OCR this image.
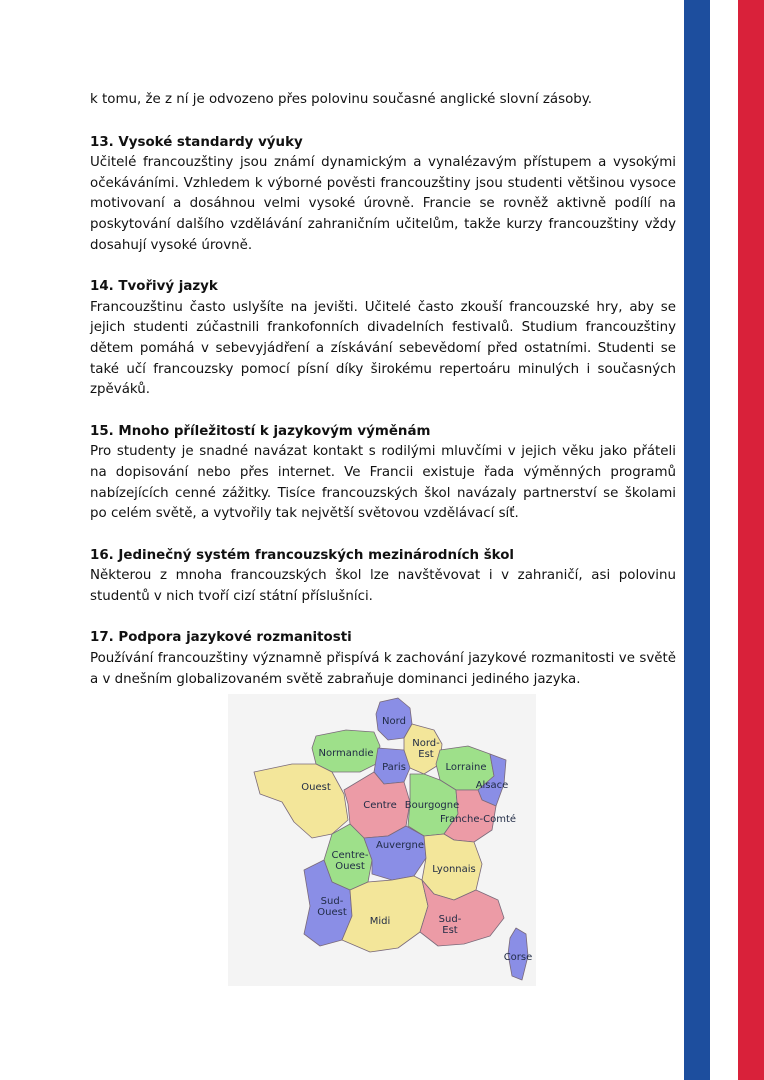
k tomu, že z ní je odvozeno přes polovinu současné anglické slovní zásoby.

13. Vysoké standardy výuky

Učitelé francouzštiny jsou známí dynamickým a vynalézavým přístupem a vysokými očekáváními. Vzhledem k výborné pověsti francouzštiny jsou studenti většinou vysoce motivovaní a dosáhnou velmi vysoké úrovně. Francie se rovněž aktivně podílí na poskytování dalšího vzdělávání zahraničním učitelům, takže kurzy francouzštiny vždy dosahují vysoké úrovně.

14. Tvořivý jazyk

Francouzštinu často uslyšíte na jevišti. Učitelé často zkouší francouzské hry, aby se jejich studenti zúčastnili frankofonních divadelních festivalů. Studium francouzštiny dětem pomáhá v sebevyjádření a získávání sebevědomí před ostatními. Studenti se také učí francouzsky pomocí písní díky širokému repertoáru minulých i současných zpěváků.

15. Mnoho příležitostí k jazykovým výměnám

Pro studenty je snadné navázat kontakt s rodilými mluvčími v jejich věku jako přáteli na dopisování nebo přes internet. Ve Francii existuje řada výměnných programů nabízejících cenné zážitky. Tisíce francouzských škol navázaly partnerství se školami po celém světě, a vytvořily tak největší světovou vzdělávací síť.

16. Jedinečný systém francouzských mezinárodních škol

Některou z mnoha francouzských škol lze navštěvovat i v zahraničí, asi polovinu studentů v nich tvoří cizí státní příslušníci.

17. Podpora jazykové rozmanitosti

Používání francouzštiny významně přispívá k zachování jazykové rozmanitosti ve světě a v dnešním globalizovaném světě zabraňuje dominanci jediného jazyka.

Nord
Nord-Est
Normandie
Paris	Lorraine
Alsace
Ouest
Centre Bourgogne
Franche-Comté
Auvergne
Centre-Ouest	Lyonnais
Sud-Ouest
Sud-Est
Midi
Corse
